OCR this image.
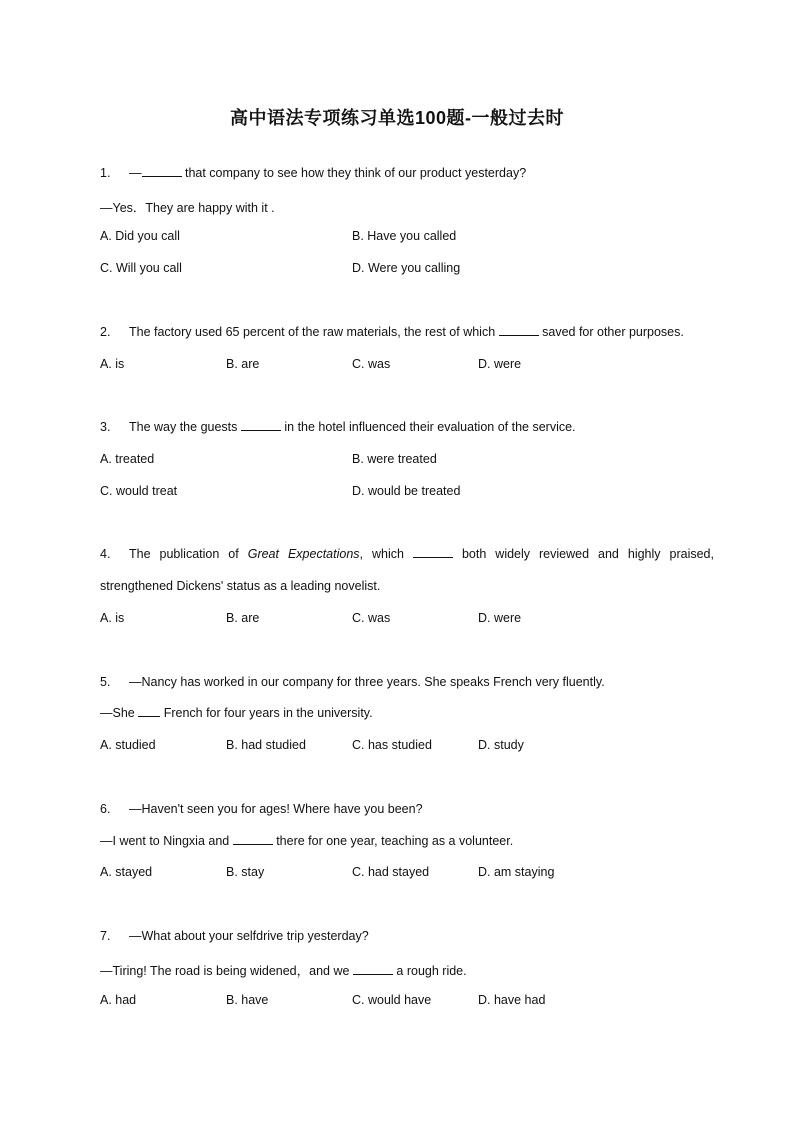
高中语法专项练习单选100题-一般过去时
1. —	that company to see how they think of our product yesterday?
—Yes．They are happy with it .
A. Did you call	B. Have you called
C. Will you call	D. Were you calling
2. The factory used 65 percent of the raw materials, the rest of which	saved for other purposes.
A. is	B. are	C. was	D. were
3. The way the guests	in the hotel influenced their evaluation of the service.
A. treated	B. were treated
C. would treat	D. would be treated
4. The publication of Great Expectations, which	both widely reviewed and highly praised,
strengthened Dickens' status as a leading novelist.
A. is	B. are	C. was	D. were
5. —Nancy has worked in our company for three years. She speaks French very fluently.
—She  French for four years in the university.
A. studied	B. had studied	C. has studied	D. study
6. —Haven't seen you for ages! Where have you been?
—I went to Ningxia and	there for one year, teaching as a volunteer.
A. stayed	B. stay	C. had stayed	D. am staying
7. —What about your selfdrive trip yesterday?
—Tiring! The road is being widened，and we	a rough ride.
A. had	B. have	C. would have	D. have had
